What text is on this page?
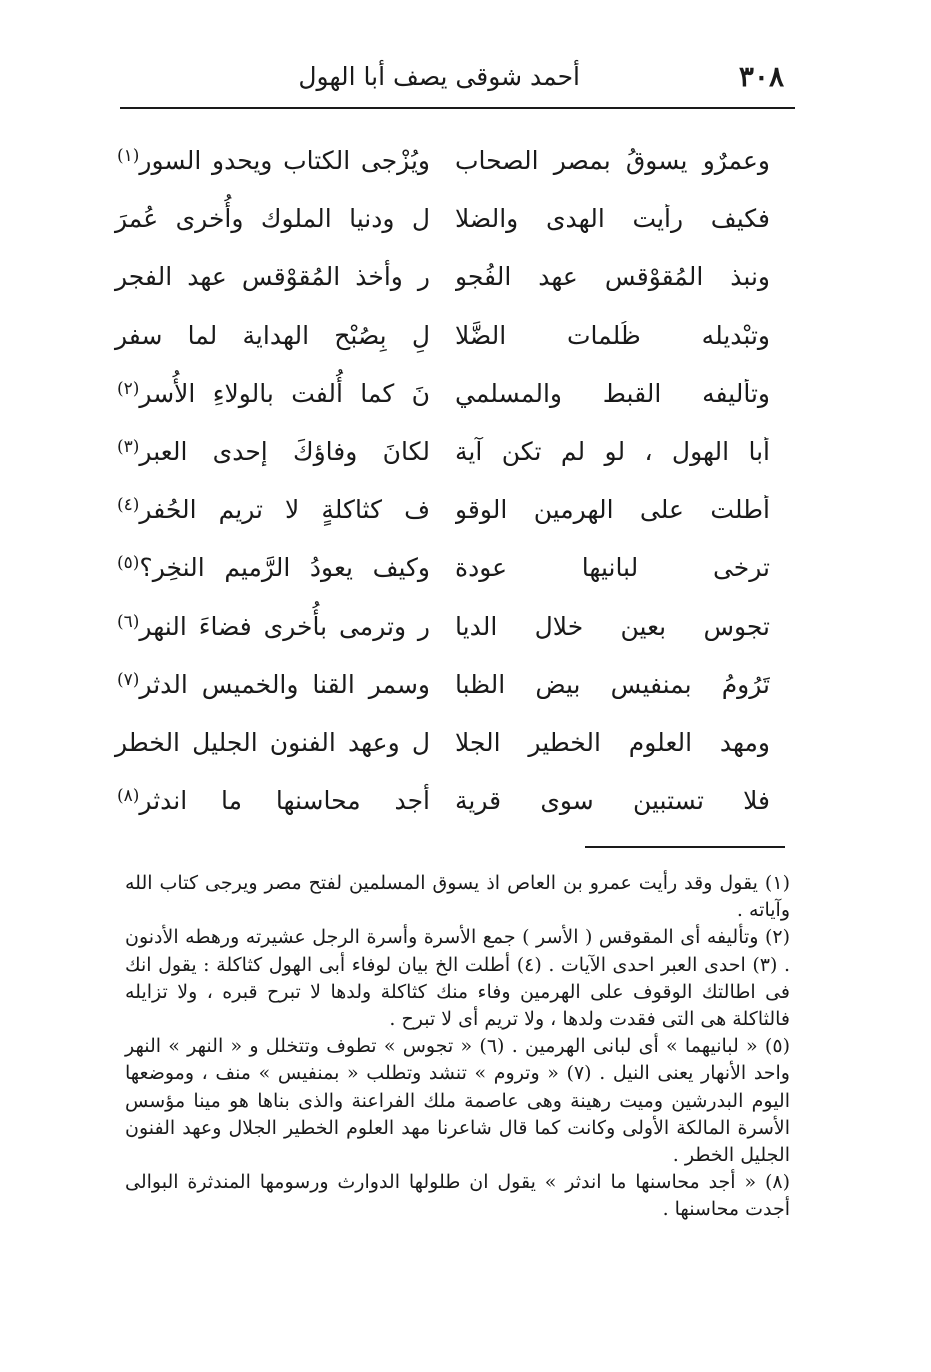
٣٠٨
أحمد شوقى يصف أبا الهول
وعمرٌو يسوقُ بمصر الصحاب
ويُزْجى الكتاب ويحدو السور
(١)
فكيف رأيت الهدى والضلا
ل ودنيا الملوك وأُخرى عُمرَ
ونبذ المُقوْقس عهد الفُجو
ر وأخذ المُقوْقس عهد الفجر
وتبْديله ظُلمات الضَّلا
لِ بِصُبْح الهداية لما سفر
وتأْليفه القبط والمسلمي
نَ كما أُلفت بالولاءِ الأُسر
(٢)
أبا الهول ، لو لم تكن آية
لكانَ وفاؤكَ إحدى العبر
(٣)
أطلت على الهرمين الوقو
ف كثاكلةٍ لا تريم الحُفر
(٤)
ترخى لبانيها عودة
وكيف يعودُ الرَّميم النخِر؟
(٥)
تجوس بعين خلال الديا
ر وترمى بأُخرى فضاءَ النهر
(٦)
تَرُومُ بمنفيس بيض الظبا
وسمر القنا والخميس الدثر
(٧)
ومهد العلوم الخطير الجلا
ل وعهد الفنون الجليل الخطر
فلا تستبين سوى قرية
أجد محاسنها ما اندثر
(٨)

(١) يقول وقد رأيت عمرو بن العاص اذ يسوق المسلمين لفتح مصر ويرجى كتاب الله وآياته .

(٢) وتأليفه أى المقوقس ( الأسر ) جمع الأسرة وأسرة الرجل عشيرته ورهطه الأدنون . (٣) احدى العبر احدى الآيات . (٤) أطلت الخ بيان لوفاء أبى الهول كثاكلة : يقول انك فى اطالتك الوقوف على الهرمين وفاء منك كثاكلة ولدها لا تبرح قبره ، ولا تزايله فالثاكلة هى التى فقدت ولدها ، ولا تريم أى لا تبرح .

(٥) « لبانيهما » أى لبانى الهرمين . (٦) « تجوس » تطوف وتتخلل و « النهر » النهر واحد الأنهار يعنى النيل . (٧) « وتروم » تنشد وتطلب « بمنفيس » منف ، وموضعها اليوم البدرشين وميت رهينة وهى عاصمة ملك الفراعنة والذى بناها هو مينا مؤسس الأسرة المالكة الأولى وكانت كما قال شاعرنا مهد العلوم الخطير الجلال وعهد الفنون الجليل الخطر .

(٨) « أجد محاسنها ما اندثر » يقول ان طلولها الدوارث ورسومها المندثرة البوالى أجدت محاسنها .
